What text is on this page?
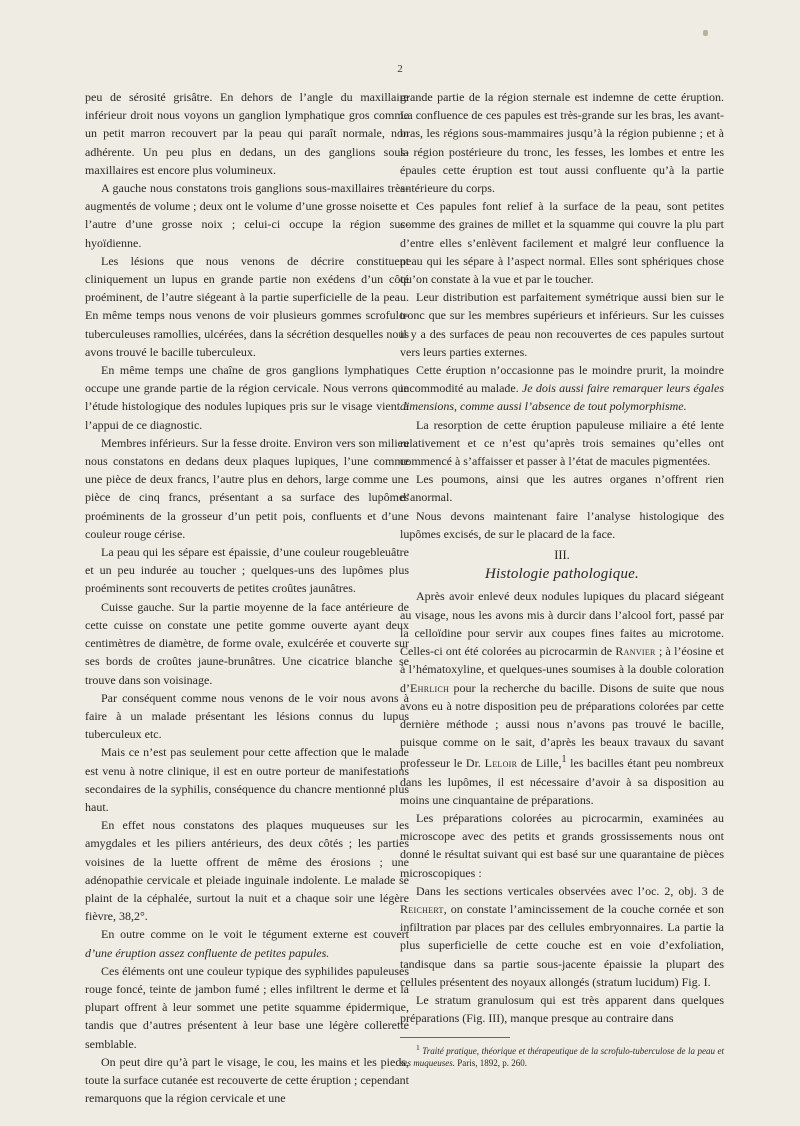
2

peu de sérosité grisâtre. En dehors de l’angle du maxillaire inférieur droit nous voyons un ganglion lymphatique gros comme un petit marron recouvert par la peau qui paraît normale, non adhérente. Un peu plus en dedans, un des ganglions sous-maxillaires est encore plus volumineux.

A gauche nous constatons trois ganglions sous-maxillaires très-augmentés de volume ; deux ont le volume d’une grosse noisette et l’autre d’une grosse noix ; celui-ci occupe la région sus-hyoïdienne.

Les lésions que nous venons de décrire constituent cliniquement un lupus en grande partie non exédens d’un côté proéminent, de l’autre siégeant à la partie superficielle de la peau. En même temps nous venons de voir plusieurs gommes scrofulo-tuberculeuses ramollies, ulcérées, dans la sécrétion desquelles nous avons trouvé le bacille tuberculeux.

En même temps une chaîne de gros ganglions lymphatiques occupe une grande partie de la région cervicale. Nous verrons que l’étude histologique des nodules lupiques pris sur le visage vient à l’appui de ce diagnostic.

Membres inférieurs. Sur la fesse droite. Environ vers son milieu nous constatons en dedans deux plaques lupiques, l’une comme une pièce de deux francs, l’autre plus en dehors, large comme une pièce de cinq francs, présentant a sa surface des lupômes proéminents de la grosseur d’un petit pois, confluents et d’une couleur rouge cérise.

La peau qui les sépare est épaissie, d’une couleur rougebleuâtre et un peu indurée au toucher ; quelques-uns des lupômes plus proéminents sont recouverts de petites croûtes jaunâtres.

Cuisse gauche. Sur la partie moyenne de la face antérieure de cette cuisse on constate une petite gomme ouverte ayant deux centimètres de diamètre, de forme ovale, exulcérée et couverte sur ses bords de croûtes jaune-brunâtres. Une cicatrice blanche se trouve dans son voisinage.

Par conséquent comme nous venons de le voir nous avons à faire à un malade présentant les lésions connus du lupus tuberculeux etc.

Mais ce n’est pas seulement pour cette affection que le malade est venu à notre clinique, il est en outre porteur de manifestations secondaires de la syphilis, conséquence du chancre mentionné plus haut.

En effet nous constatons des plaques muqueuses sur les amygdales et les piliers antérieurs, des deux côtés ; les parties voisines de la luette offrent de même des érosions ; une adénopathie cervicale et pleiade inguinale indolente. Le malade se plaint de la céphalée, surtout la nuit et a chaque soir une légère fièvre, 38,2°.

En outre comme on le voit le tégument externe est couvert d’une éruption assez confluente de petites papules.

Ces éléments ont une couleur typique des syphilides papuleuses rouge foncé, teinte de jambon fumé ; elles infiltrent le derme et la plupart offrent à leur sommet une petite squamme épidermique, tandis que d’autres présentent à leur base une légère collerette semblable.

On peut dire qu’à part le visage, le cou, les mains et les pieds, toute la surface cutanée est recouverte de cette éruption ; cependant remarquons que la région cervicale et une

grande partie de la région sternale est indemne de cette éruption. La confluence de ces papules est très-grande sur les bras, les avant-bras, les régions sous-mammaires jusqu’à la région pubienne ; et à la région postérieure du tronc, les fesses, les lombes et entre les épaules cette éruption est tout aussi confluente qu’à la partie antérieure du corps.

Ces papules font relief à la surface de la peau, sont petites comme des graines de millet et la squamme qui couvre la plu part d’entre elles s’enlèvent facilement et malgré leur confluence la peau qui les sépare à l’aspect normal. Elles sont sphériques chose qu’on constate à la vue et par le toucher.

Leur distribution est parfaitement symétrique aussi bien sur le tronc que sur les membres supérieurs et inférieurs. Sur les cuisses il y a des surfaces de peau non recouvertes de ces papules surtout vers leurs parties externes.

Cette éruption n’occasionne pas le moindre prurit, la moindre incommodité au malade. Je dois aussi faire remarquer leurs égales dimensions, comme aussi l’absence de tout polymorphisme.

La resorption de cette éruption papuleuse miliaire a été lente relativement et ce n’est qu’après trois semaines qu’elles ont commencé à s’affaisser et passer à l’état de macules pigmentées.

Les poumons, ainsi que les autres organes n’offrent rien d’anormal.

Nous devons maintenant faire l’analyse histologique des lupômes excisés, de sur le placard de la face.

III.
Histologie pathologique.

Après avoir enlevé deux nodules lupiques du placard siégeant au visage, nous les avons mis à durcir dans l’alcool fort, passé par la celloïdine pour servir aux coupes fines faites au microtome. Celles-ci ont été colorées au picrocarmin de Ranvier ; à l’éosine et à l’hématoxyline, et quelques-unes soumises à la double coloration d’Ehrlich pour la recherche du bacille. Disons de suite que nous avons eu à notre disposition peu de préparations colorées par cette dernière méthode ; aussi nous n’avons pas trouvé le bacille, puisque comme on le sait, d’après les beaux travaux du savant professeur le Dr. Leloir de Lille,$^1$ les bacilles étant peu nombreux dans les lupômes, il est nécessaire d’avoir à sa disposition au moins une cinquantaine de préparations.

Les préparations colorées au picrocarmin, examinées au microscope avec des petits et grands grossissements nous ont donné le résultat suivant qui est basé sur une quarantaine de pièces microscopiques :

Dans les sections verticales observées avec l’oc. 2, obj. 3 de Reichert, on constate l’amincissement de la couche cornée et son infiltration par places par des cellules embryonnaires. La partie la plus superficielle de cette couche est en voie d’exfoliation, tandisque dans sa partie sous-jacente épaissie la plupart des cellules présentent des noyaux allongés (stratum lucidum) Fig. I.

Le stratum granulosum qui est très apparent dans quelques préparations (Fig. III), manque presque au contraire dans

$^1$ Traité pratique, théorique et thérapeutique de la scrofulo-tuberculose de la peau et ses muqueuses. Paris, 1892, p. 260.
